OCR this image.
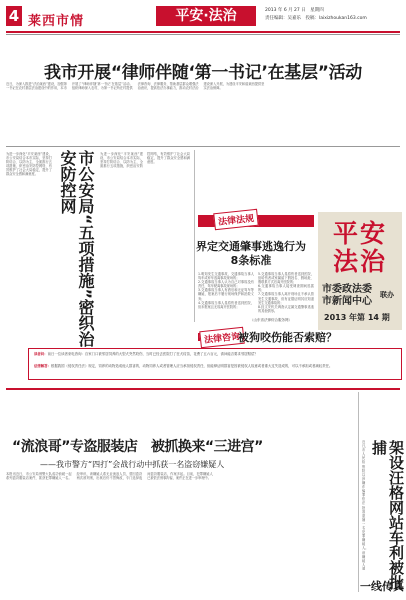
4 莱西市情	平安·法治	2013 年 6 月 27 日　星期四
责任编辑：吴嘉乐　投稿：laixizhoukan163.com
我市开展“律师伴随‘第一书记’在基层”活动
近日，为深入推进“法治莱西”建设，加强第一书记在农村基层法治建设中的作用，本市开展了“律师伴随‘第一书记’在基层”活动。组织律师深入农村，为第一书记所在村提供法律咨询、法律服务，帮助基层群众增强法治意识，提高依法办事能力，推动农村法治建设深入开展，为建设平安和谐莱西提供坚实法治保障。
为进一步深化“平安莱西”建设，市公安局结合本市实际，坚持打防结合、以防为主，全面推行五项措施，织密治安防控网络，有效维护了社会大局稳定，提升了群众安全感和满意度。	市公安局“五项措施”密织治安防控网	为进一步深化“平安莱西”建设，市公安局结合本市实际，坚持打防结合、以防为主，全面推行五项措施，织密治安防控网络，有效维护了社会大局稳定，提升了群众安全感和满意度。
法律法规
界定交通肇事逃逸行为 8条标准

1.明知发生交通事故，交通事故当事人驾车或弃车逃离事故现场的；

2.交通事故当事人认为自己对事故没有责任，驾车驶离事故现场的；

3.交通事故当事人有酒后和无证驾车等嫌疑，报案后不履行现场保护和抢救义务；

4.交通事故当事人虽将伤者送到医院，但未报案且无故离开医院的；

5.交通事故当事人虽将伤者送到医院，但给伤者或家属留下假姓名、假地址、假联系方式后离开医院的；

6.交通事故当事人接受调查期间逃匿的；

7.交通事故当事人离开现场且不承认曾发生交通事故，但有证据证明其应知道发生交通事故的；

8.经文安机关调查认定属交通肇事逃逸的其他情形。

（山东省法律综合服务网）
平安法治
市委政法委
市新闻中心
联办
2013 年第 14 期
法律咨询
被狗咬伤能否索赔？
读者问：前日一位读者来电咨询：自家门口被邻居饲养的大型犬突然咬伤，当时已经去医院打了狂犬疫苗，花费了五六百元，请问能否要求邻居赔偿？
法律解答：根据我国《侵权责任法》规定，饲养的动物造成他人损害的，动物饲养人或者管理人应当承担侵权责任，但能够证明损害是因被侵权人故意或者重大过失造成的，可以不承担或者减轻责任。
“流浪哥”专盗服装店　被抓换来“三进宫”
——我市警方“四打”会战行动中抓获一名盗窃嫌疑人
本报讯近日，市公安局刑警大队成功侦破一起系列盗窃服装店案件，抓获犯罪嫌疑人一名。经审讯，该嫌疑人系无业流浪人员，曾因盗窃两次被判刑，出狱后仍不思悔改，专门选择夜间盗窃服装店，作案多起。目前，犯罪嫌疑人已被依法刑事拘留，案件正在进一步审理中。	架设汪格网站车利被批捕
近日，市人民检察院以涉嫌诈骗罪依法批准逮捕一名犯罪嫌疑人。该嫌疑人通
一线传真
